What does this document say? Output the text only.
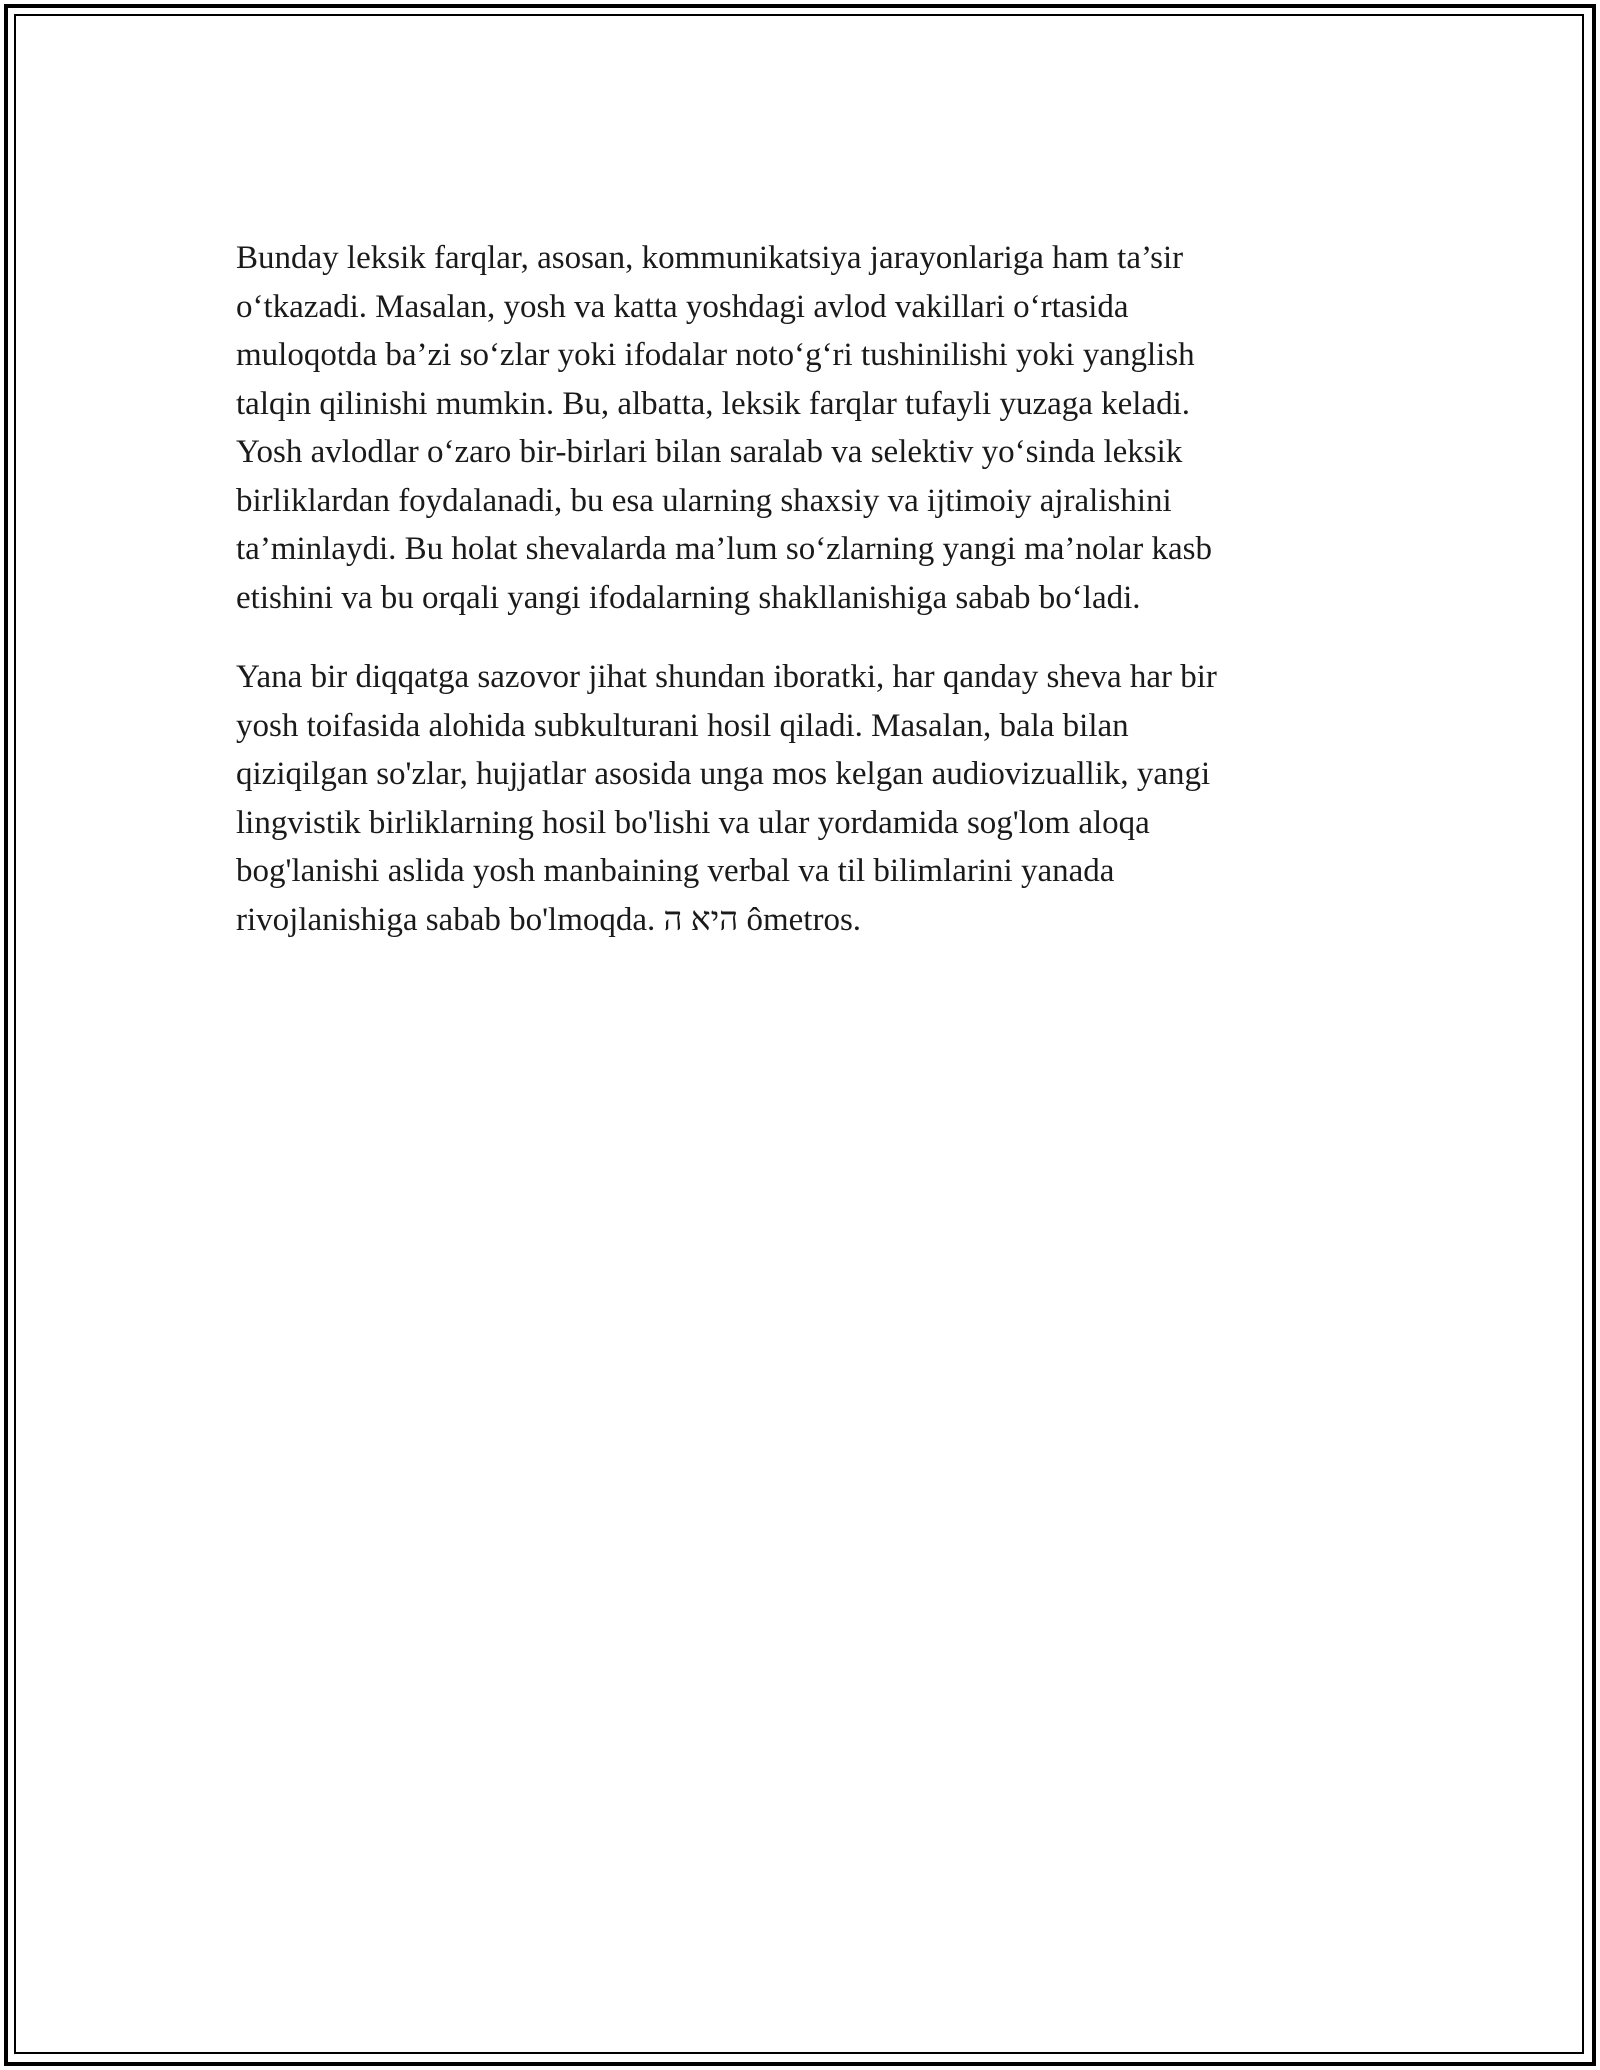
Bunday leksik farqlar, asosan, kommunikatsiya jarayonlariga ham ta’sir
o‘tkazadi. Masalan, yosh va katta yoshdagi avlod vakillari o‘rtasida
muloqotda ba’zi so‘zlar yoki ifodalar noto‘g‘ri tushinilishi yoki yanglish
talqin qilinishi mumkin. Bu, albatta, leksik farqlar tufayli yuzaga keladi.
Yosh avlodlar o‘zaro bir-birlari bilan saralab va selektiv yo‘sinda leksik
birliklardan foydalanadi, bu esa ularning shaxsiy va ijtimoiy ajralishini
ta’minlaydi. Bu holat shevalarda ma’lum so‘zlarning yangi ma’nolar kasb
etishini va bu orqali yangi ifodalarning shakllanishiga sabab bo‘ladi.

Yana bir diqqatga sazovor jihat shundan iboratki, har qanday sheva har bir
yosh toifasida alohida subkulturani hosil qiladi. Masalan, bala bilan
qiziqilgan so'zlar, hujjatlar asosida unga mos kelgan audiovizuallik, yangi
lingvistik birliklarning hosil bo'lishi va ular yordamida sog'lom aloqa
bog'lanishi aslida yosh manbaining verbal va til bilimlarini yanada
rivojlanishiga sabab bo'lmoqda. היא ה ômetros.
